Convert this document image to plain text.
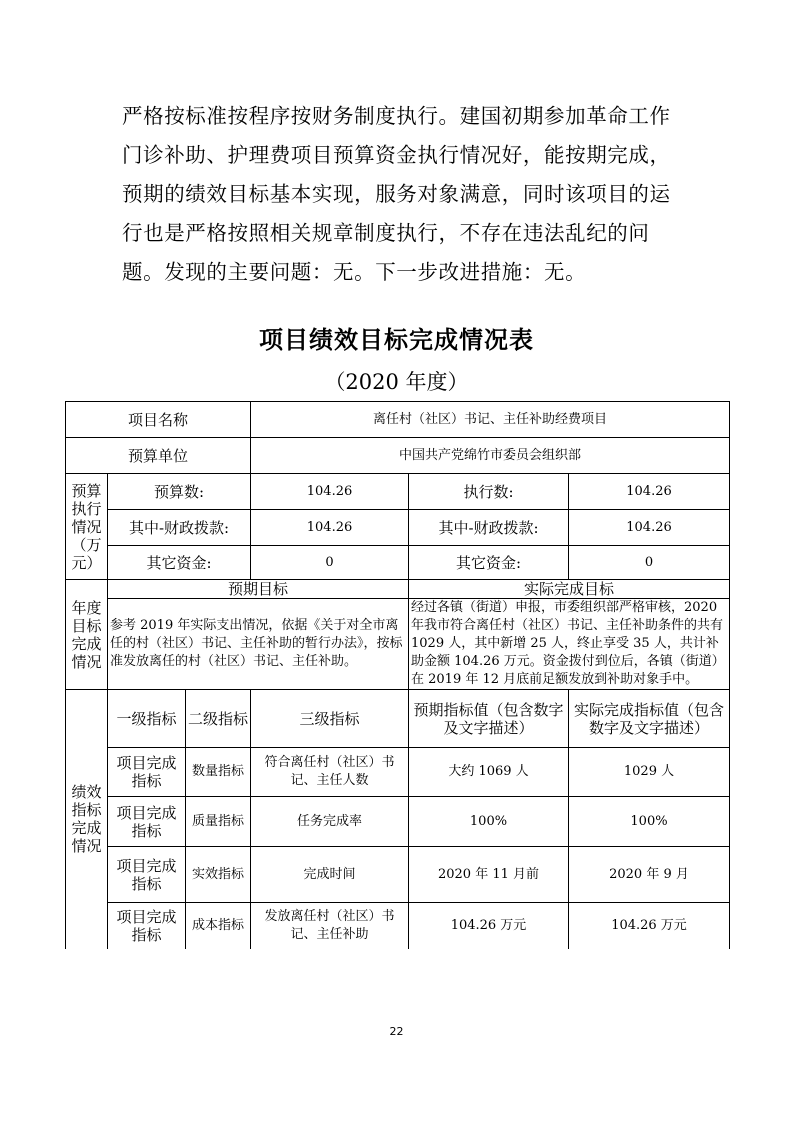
严格按标准按程序按财务制度执行。建国初期参加革命工作

门诊补助、护理费项目预算资金执行情况好，能按期完成，

预期的绩效目标基本实现，服务对象满意，同时该项目的运

行也是严格按照相关规章制度执行，不存在违法乱纪的问

题。发现的主要问题：无。下一步改进措施：无。

项目绩效目标完成情况表
（2020 年度）
项目名称			离任村（社区）书记、主任补助经费项目		
预算单位			中国共产党绵竹市委员会组织部		
预算执行情况（万元）	预算数:		104.26	执行数:	104.26
	其中-财政拨款:		104.26	其中-财政拨款:	104.26
	其它资金:		0	其它资金:	0
年度目标完成情况	预期目标			实际完成目标	
	参考 2019 年实际支出情况，依据《关于对全市离任的村（社区）书记、主任补助的暂行办法》，按标准发放离任的村（社区）书记、主任补助。			经过各镇（街道）申报，市委组织部严格审核，2020 年我市符合离任村（社区）书记、主任补助条件的共有 1029 人，其中新增 25 人，终止享受 35 人，共计补助金额 104.26 万元。资金拨付到位后，各镇（街道）在 2019 年 12 月底前足额发放到补助对象手中。	
绩效指标完成情况	一级指标	二级指标	三级指标	预期指标值（包含数字及文字描述）	实际完成指标值（包含数字及文字描述）
	项目完成指标	数量指标	符合离任村（社区）书记、主任人数	大约 1069 人	1029 人
	项目完成指标	质量指标	任务完成率	100%	100%
	项目完成指标	实效指标	完成时间	2020 年 11 月前	2020 年 9 月
	项目完成指标	成本指标	发放离任村（社区）书记、主任补助	104.26 万元	104.26 万元
22
